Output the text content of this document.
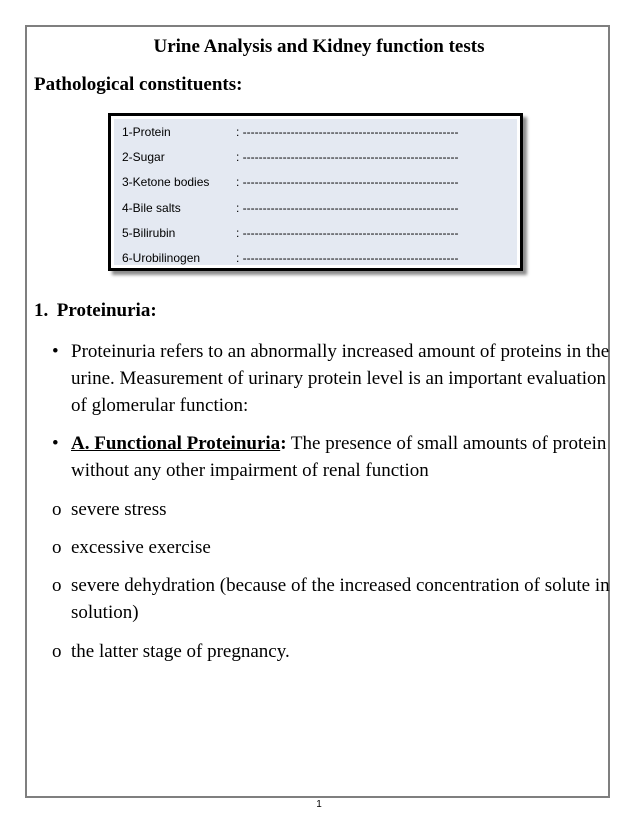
Urine Analysis and Kidney function tests
Pathological constituents:
1-Protein	: ------------------------------------------------------
2-Sugar	: ------------------------------------------------------
3-Ketone bodies	: ------------------------------------------------------
4-Bile salts	: ------------------------------------------------------
5-Bilirubin	: ------------------------------------------------------
6-Urobilinogen	: ------------------------------------------------------
1. Proteinuria:
• Proteinuria refers to an abnormally increased amount of proteins in the urine. Measurement of urinary protein level is an important evaluation of glomerular function:
• A. Functional Proteinuria: The presence of small amounts of protein without any other impairment of renal function
o severe stress
o excessive exercise
o severe dehydration (because of the increased concentration of solute in solution)
o the latter stage of pregnancy.
1
